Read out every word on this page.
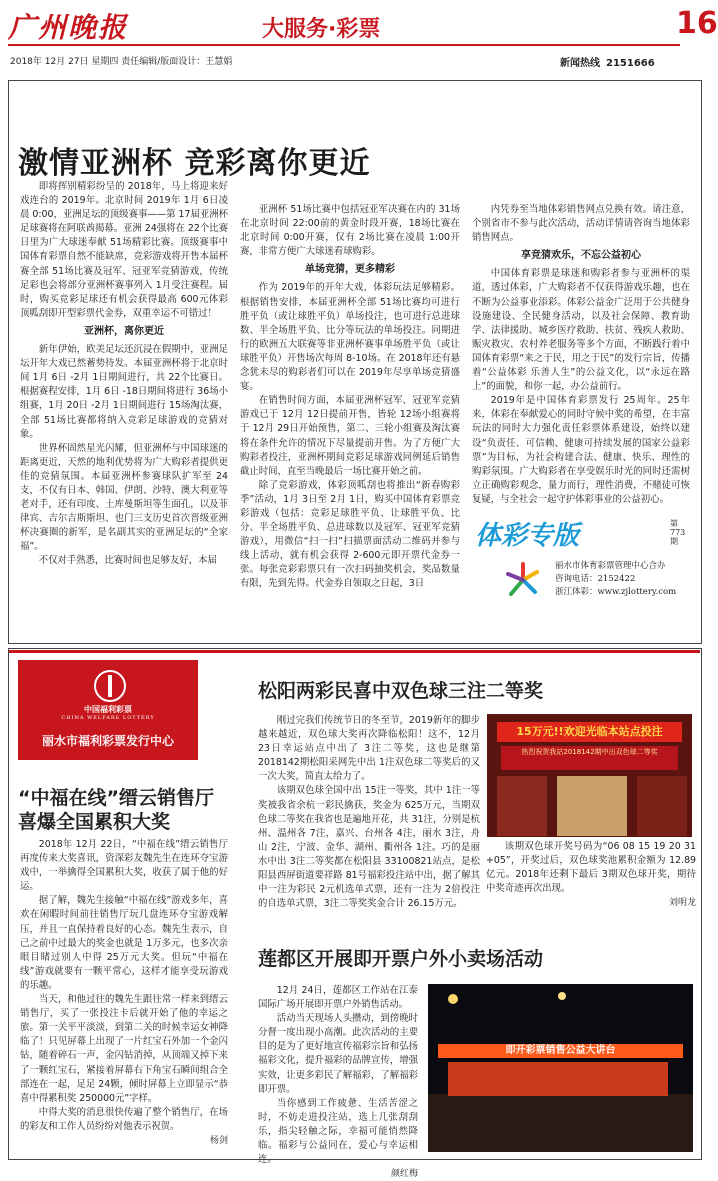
广州晚报	大服务·彩票	16
2018年 12月 27日 星期四 责任编辑/版面设计：王慧娟	新闻热线 2151666
激情亚洲杯 竞彩离你更近

即将挥别精彩纷呈的 2018年，马上将迎来好戏连台的 2019年。北京时间 2019年 1月 6日凌晨 0:00，亚洲足坛的顶级赛事——第 17届亚洲杯足球赛将在阿联酋揭幕。亚洲 24强将在 22个比赛日里为广大球迷奉献 51场精彩比赛。顶级赛事中国体育彩票自然不能缺席，竞彩游戏将开售本届杯赛全部 51场比赛及冠军、冠亚军竞猜游戏，传统足彩也会将部分亚洲杯赛事列入 1月受注赛程。届时，购买竞彩足球还有机会获得最高 600元体彩顶呱刮即开型彩票代金券，双重幸运不可错过！

亚洲杯，离你更近

新年伊始，欧美足坛还沉浸在假期中，亚洲足坛开年大戏已然蓄势待发。本届亚洲杯将于北京时间 1月 6日 -2月 1日期间进行，共 22个比赛日。根据赛程安排，1月 6日 -18日期间将进行 36场小组赛，1月 20日 -2月 1日期间进行 15场淘汰赛，全部 51场比赛都将纳入竞彩足球游戏的竞猜对象。

世界杯固然星光闪耀，但亚洲杯与中国球迷的距离更近，天然的地利优势将为广大购彩者提供更佳的竞猜氛围。本届亚洲杯参赛球队扩军至 24支，不仅有日本、韩国、伊朗、沙特、澳大利亚等老对手，还有印度、土库曼斯坦等生面孔，以及菲律宾、吉尔吉斯斯坦、也门三支历史首次晋级亚洲杯决赛圈的新军，是名副其实的亚洲足坛的“全家福”。

不仅对手熟悉，比赛时间也足够友好，本届

亚洲杯 51场比赛中包括冠亚军决赛在内的 31场在北京时间 22:00前的黄金时段开赛，18场比赛在北京时间 0:00开赛，仅有 2场比赛在凌晨 1:00开赛，非常方便广大球迷看球购彩。

单场竞猜，更多精彩

作为 2019年的开年大戏，体彩玩法足够精彩。根据销售安排，本届亚洲杯全部 51场比赛均可进行胜平负（或让球胜平负）单场投注，也可进行总进球数、半全场胜平负、比分等玩法的单场投注。同期进行的欧洲五大联赛等非亚洲杯赛事单场胜平负（或让球胜平负）开售场次每周 8-10场。在 2018年还有悬念犹未尽的购彩者们可以在 2019年尽享单场竞猜盛宴。

在销售时间方面，本届亚洲杯冠军、冠亚军竞猜游戏已于 12月 12日提前开售，皆轮 12场小组赛将于 12月 29日开始预售，第二、三轮小组赛及淘汰赛将在条件允许的情况下尽量提前开售。为了方便广大购彩者投注，亚洲杯期间竞彩足球游戏同例延后销售截止时间，直至当晚最后一场比赛开始之前。

除了竞彩游戏，体彩顶呱刮也将推出“新春购彩季”活动，1月 3日至 2月 1日，购买中国体育彩票竞彩游戏（包括：竞彩足球胜平负、让球胜平负、比分、半全场胜平负、总进球数以及冠军、冠亚军竞猜游戏），用微信“扫一扫”扫描票面活动二维码并参与线上活动，就有机会获得 2-600元即开票代金券一张。每张竞彩彩票只有一次扫码抽奖机会，奖品数量有限，先到先得。代金券自领取之日起，3日

内凭券至当地体彩销售网点兑换有效。请注意，个别省市不参与此次活动，活动详情请咨询当地体彩销售网点。

享竞猜欢乐，不忘公益初心

中国体育彩票是球迷和购彩者参与亚洲杯的渠道，透过体彩，广大购彩者不仅获得游戏乐趣，也在不断为公益事业添彩。体彩公益金广泛用于公共健身设施建设、全民健身活动，以及社会保障、教育助学、法律援助、城乡医疗救助、扶贫、残疾人救助、赈灾救灾、农村养老服务等多个方面，不断践行着中国体育彩票“来之于民，用之于民”的发行宗旨，传播着“公益体彩 乐善人生”的公益文化，以“永远在路上”的面貌，和你一起，办公益前行。

2019年是中国体育彩票发行 25周年。25年来，体彩在奉献爱心的同时守候中奖的希望，在丰富玩法的同时大力强化责任彩票体系建设，始终以建设“负责任、可信赖、健康可持续发展的国家公益彩票”为目标，为社会构建合法、健康、快乐、理性的购彩氛围。广大购彩者在享受娱乐时光的同时还需树立正确购彩观念，量力而行，理性消费，不赌徒可恢复疑，与全社会一起守护体彩事业的公益初心。

体彩专版	第773期
丽水市体育彩票管理中心合办
咨询电话：2152422
浙江体彩：www.zjlottery.com
中国福利彩票
CHINA WELFARE LOTTERY
丽水市福利彩票发行中心
“中福在线”缙云销售厅
喜爆全国累积大奖

2018年 12月 22日，“中福在线”缙云销售厅再度传来大奖喜讯，资深彩友魏先生在连环夺宝游戏中，一举擒得全国累积大奖，收获了属于他的好运。

据了解，魏先生接触“中福在线”游戏多年，喜欢在闲暇时间前往销售厅玩几盘连环夺宝游戏解压，并且一直保持着良好的心态。魏先生表示，自己之前中过最大的奖金也就是 1万多元，也多次亲眼目睹过别人中得 25万元大奖。但玩“中福在线”游戏就要有一颗平常心，这样才能享受玩游戏的乐趣。

当天，和他过往的魏先生跟往常一样来到缙云销售厅，买了一张投注卡后就开始了他的幸运之旅。第一关平平淡淡，到第二关的时候幸运女神降临了！只见屏幕上出现了一片红宝石外加一个金闪钻，随着碎石一声，金闪钻消掉，从顶端又掉下来了一颗红宝石，紧接着屏幕右下角宝石瞬间组合全部连在一起，足足 24颗，倾时屏幕上立即显示“恭喜中得累积奖 250000元”字样。

中得大奖的消息很快传遍了整个销售厅，在场的彩友和工作人员纷纷对他表示祝贺。

杨剑
松阳两彩民喜中双色球三注二等奖

刚过完我们传统节日的冬至节，2019新年的脚步越来越近，双色球大奖再次降临松阳！这不，12月 23日幸运站点中出了 3注二等奖，这也是继第 2018142期松阳采网先中出 1注双色球二等奖后的又一次大奖，简直太给力了。

该期双色球全国中出 15注一等奖，其中 1注一等奖被我省余杭一彩民擒获，奖金为 625万元，当期双色球二等奖在我省也是遍地开花，共 31注，分别是杭州、温州各 7注，嘉兴、台州各 4注，丽水 3注，舟山 2注，宁波、金华、湖州、衢州各 1注。巧的是丽水中出 3注二等奖都在松阳县 33100821站点，是松阳县西屏街道要祥路 81号福彩投注站中出，据了解其中一注为彩民 2元机选单式票，还有一注为 2倍投注的自选单式票，3注二等奖奖金合计 26.15万元。

15万元!!欢迎光临本站点投注
热烈祝贺我站2018142期中出双色球二等奖

该期双色球开奖号码为“06 08 15 19 20 31 +05”，开奖过后，双色球奖池累积金额为 12.89亿元。2018年还剩下最后 3期双色球开奖，期待中奖奇迹再次出现。

刘明龙
莲都区开展即开票户外小卖场活动

12月 24日，莲都区工作站在江泰国际广场开展即开票户外销售活动。

活动当天现场人头攒动，到傍晚时分督一度出现小高潮。此次活动的主要目的是为了更好地宣传福彩宗旨和弘扬福彩文化，提升福彩的品牌宣传，增强实效，让更多彩民了解福彩，了解福彩即开票。

当你感到工作疲惫、生活苦涩之时，不妨走进投注站，选上几张刮刮乐，指尖轻触之际，幸福可能悄然降临。福彩与公益同在，爱心与幸运相连。

颜红梅
即开彩票销售公益大讲台
